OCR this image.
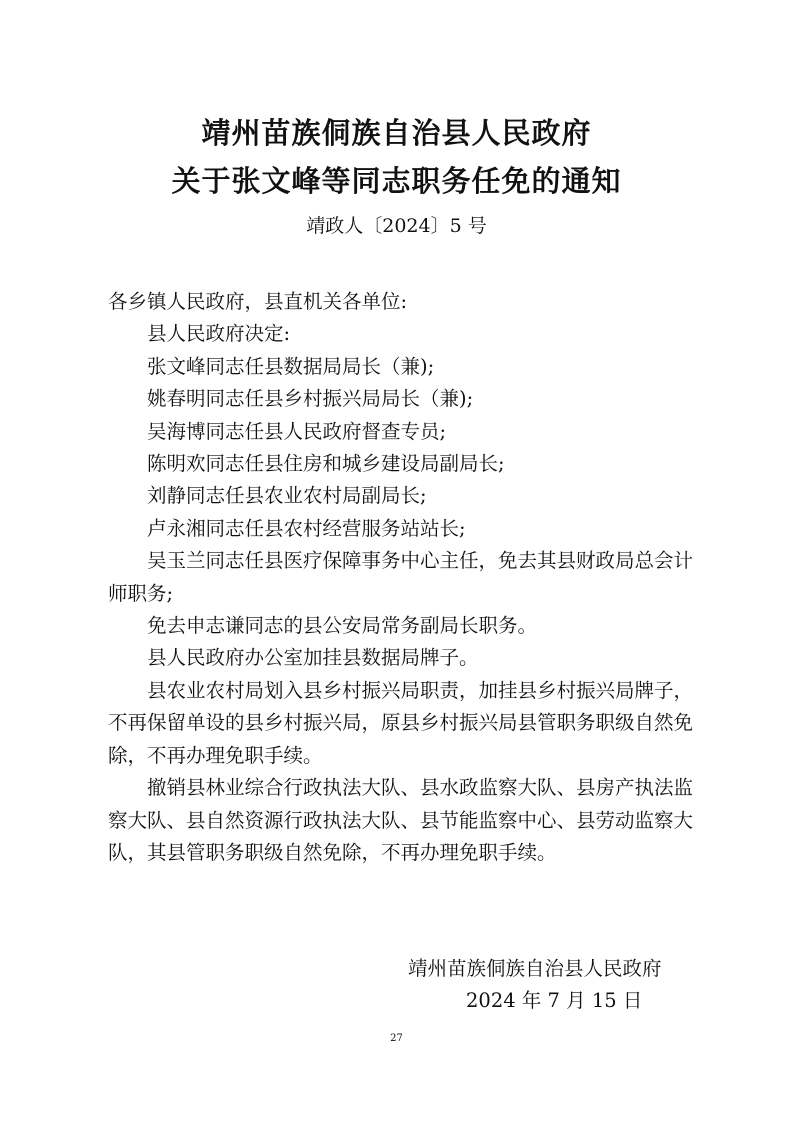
靖州苗族侗族自治县人民政府
关于张文峰等同志职务任免的通知
靖政人〔2024〕5 号

各乡镇人民政府，县直机关各单位:

县人民政府决定:

张文峰同志任县数据局局长（兼);

姚春明同志任县乡村振兴局局长（兼);

吴海博同志任县人民政府督查专员;

陈明欢同志任县住房和城乡建设局副局长;

刘静同志任县农业农村局副局长;

卢永湘同志任县农村经营服务站站长;

吴玉兰同志任县医疗保障事务中心主任，免去其县财政局总会计师职务;

免去申志谦同志的县公安局常务副局长职务。

县人民政府办公室加挂县数据局牌子。

县农业农村局划入县乡村振兴局职责，加挂县乡村振兴局牌子，不再保留单设的县乡村振兴局，原县乡村振兴局县管职务职级自然免除，不再办理免职手续。

撤销县林业综合行政执法大队、县水政监察大队、县房产执法监察大队、县自然资源行政执法大队、县节能监察中心、县劳动监察大队，其县管职务职级自然免除，不再办理免职手续。

靖州苗族侗族自治县人民政府
2024 年 7 月 15 日
27
